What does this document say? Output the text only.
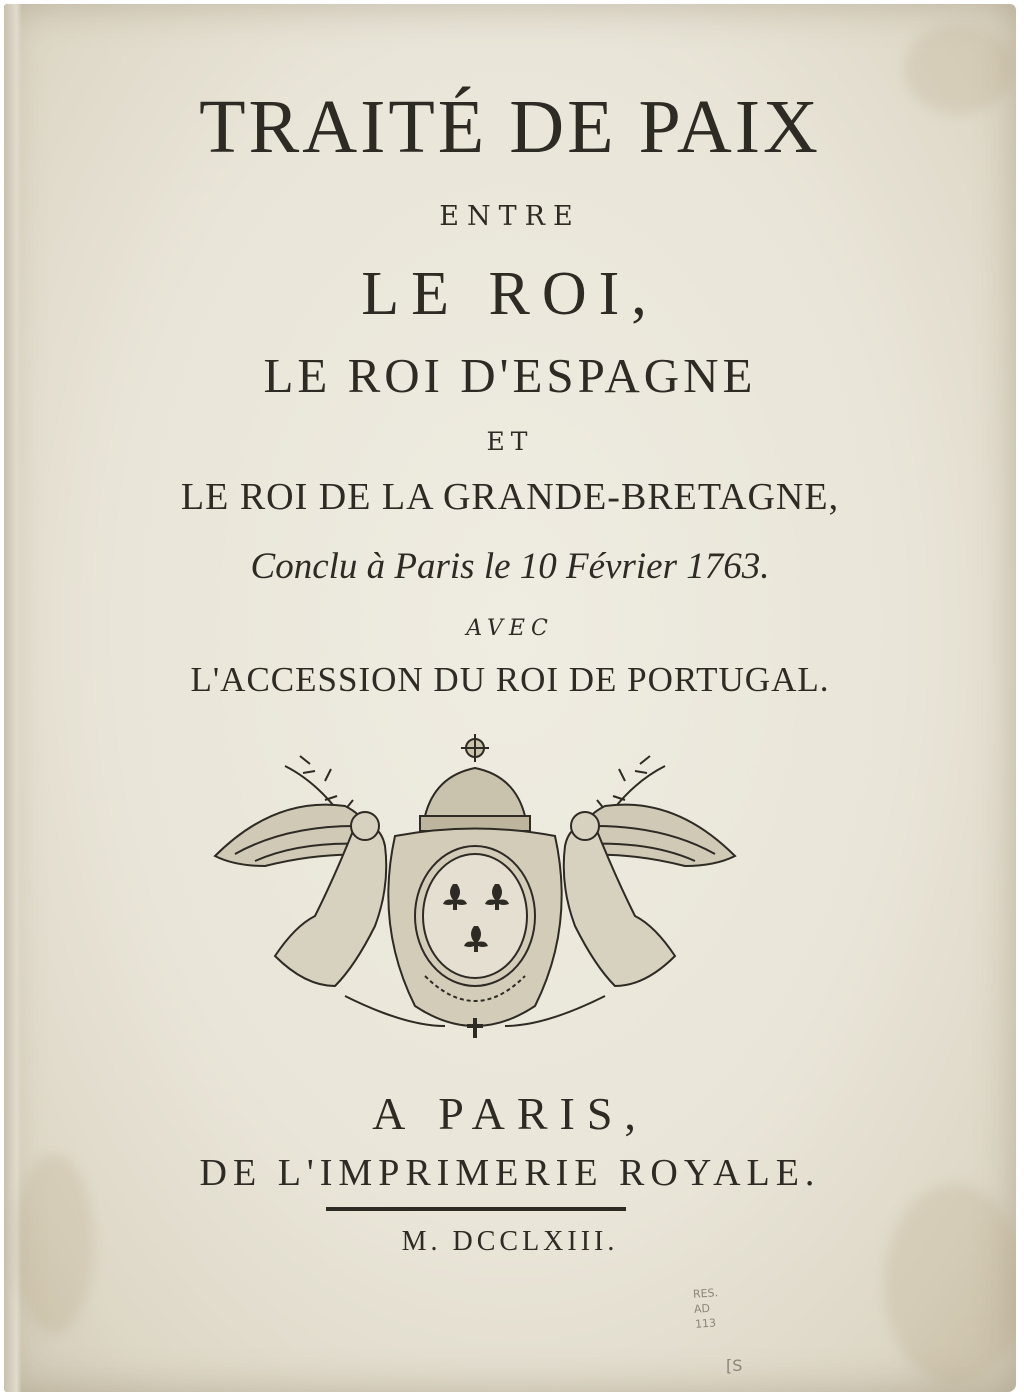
TRAITÉ DE PAIX
ENTRE
LE ROI,
LE ROI D'ESPAGNE
ET
LE ROI DE LA GRANDE-BRETAGNE,
Conclu à Paris le 10 Février 1763.
AVEC
L'ACCESSION DU ROI DE PORTUGAL.
A PARIS,
DE L'IMPRIMERIE ROYALE.
M. DCCLXIII.
RES.
AD
113
[S
